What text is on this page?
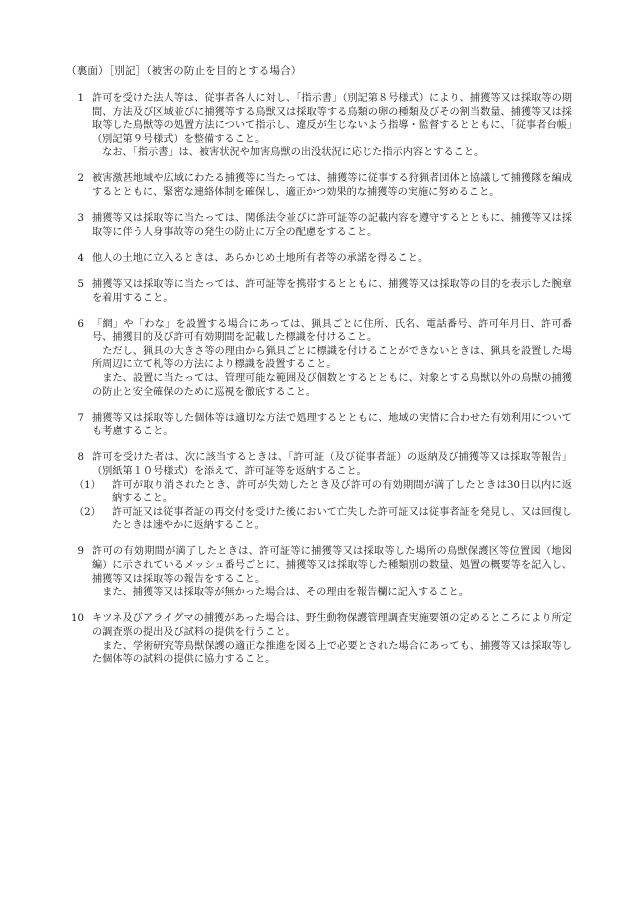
（裏面）［別記］（被害の防止を目的とする場合）
1 許可を受けた法人等は、従事者各人に対し、「指示書」（別記第８号様式）により、捕獲等又は採取等の期間、方法及び区域並びに捕獲等する鳥獣又は採取等する鳥類の卵の種類及びその割当数量、捕獲等又は採取等した鳥獣等の処置方法について指示し、違反が生じないよう指導・監督するとともに、「従事者台帳」（別記第９号様式）を整備すること。

なお、「指示書」は、被害状況や加害鳥獣の出没状況に応じた指示内容とすること。

2 被害激甚地域や広域にわたる捕獲等に当たっては、捕獲等に従事する狩猟者団体と協議して捕獲隊を編成するとともに、緊密な連絡体制を確保し、適正かつ効果的な捕獲等の実施に努めること。

3 捕獲等又は採取等に当たっては、関係法令並びに許可証等の記載内容を遵守するとともに、捕獲等又は採取等に伴う人身事故等の発生の防止に万全の配慮をすること。

4 他人の土地に立入るときは、あらかじめ土地所有者等の承諾を得ること。

5 捕獲等又は採取等に当たっては、許可証等を携帯するとともに、捕獲等又は採取等の目的を表示した腕章を着用すること。

6 「網」や「わな」を設置する場合にあっては、猟具ごとに住所、氏名、電話番号、許可年月日、許可番号、捕獲目的及び許可有効期間を記載した標識を付けること。

ただし、猟具の大きさ等の理由から猟具ごとに標識を付けることができないときは、猟具を設置した場所周辺に立て札等の方法により標識を設置すること。

また、設置に当たっては、管理可能な範囲及び個数とするとともに、対象とする鳥獣以外の鳥獣の捕獲の防止と安全確保のために巡視を徹底すること。

7 捕獲等又は採取等した個体等は適切な方法で処理するとともに、地域の実情に合わせた有効利用についても考慮すること。

8 許可を受けた者は、次に該当するときは、「許可証（及び従事者証）の返納及び捕獲等又は採取等報告」（別紙第１０号様式）を添えて、許可証等を返納すること。

（1）	許可が取り消されたとき、許可が失効したとき及び許可の有効期間が満了したときは30日以内に返納すること。
（2）	許可証又は従事者証の再交付を受けた後において亡失した許可証又は従事者証を発見し、又は回復したときは速やかに返納すること。
9 許可の有効期間が満了したときは、許可証等に捕獲等又は採取等した場所の鳥獣保護区等位置図（地図編）に示されているメッシュ番号ごとに、捕獲等又は採取等した種類別の数量、処置の概要等を記入し、捕獲等又は採取等の報告をすること。

また、捕獲等又は採取等が無かった場合は、その理由を報告欄に記入すること。

10 キツネ及びアライグマの捕獲があった場合は、野生動物保護管理調査実施要領の定めるところにより所定の調査票の提出及び試料の提供を行うこと。

また、学術研究等鳥獣保護の適正な推進を図る上で必要とされた場合にあっても、捕獲等又は採取等した個体等の試料の提供に協力すること。
